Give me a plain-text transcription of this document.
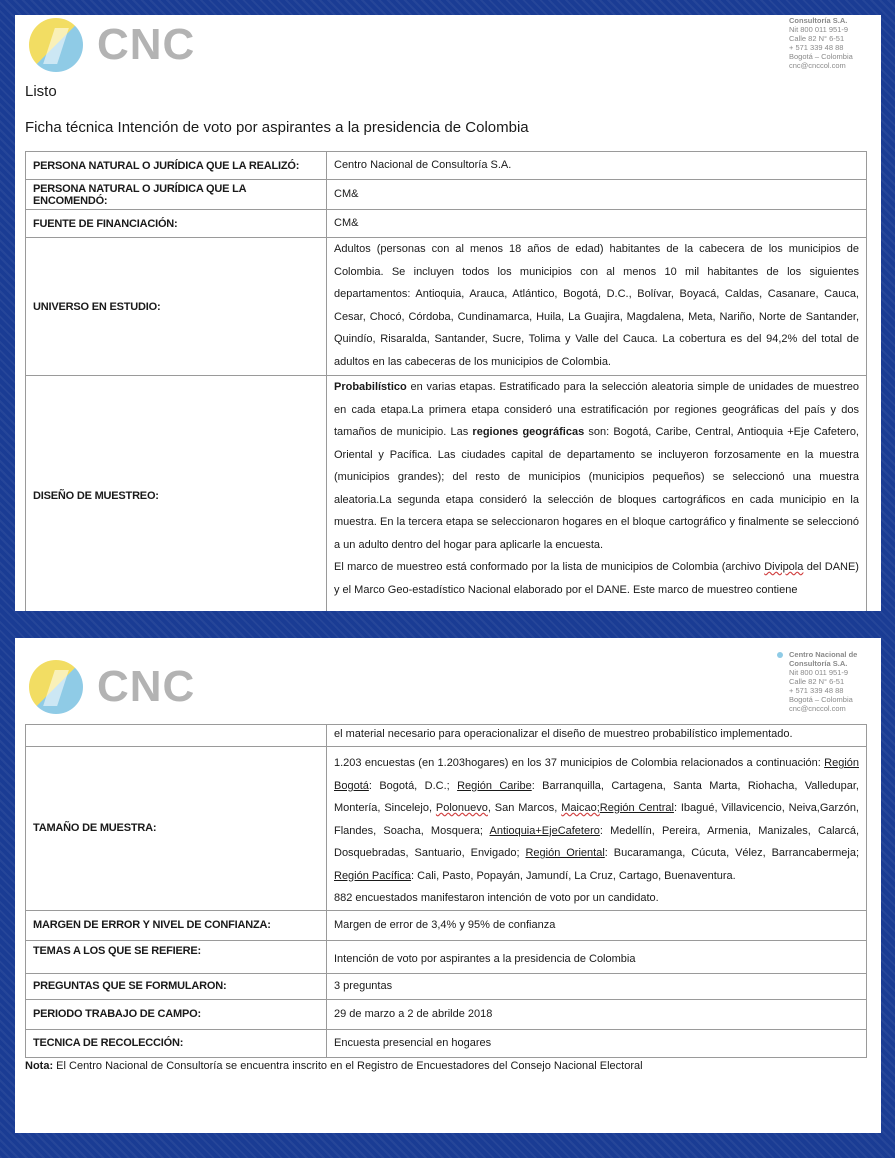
CNC	Consultoría S.A.
Nit 800 011 951-9
Calle 82 N° 6-51
+ 571 339 48 88
Bogotá – Colombia
cnc@cnccol.com
Listo
Ficha técnica Intención de voto por aspirantes a la presidencia de Colombia
PERSONA NATURAL O JURÍDICA QUE LA REALIZÓ:	Centro Nacional de Consultoría S.A.
PERSONA NATURAL O JURÍDICA QUE LA ENCOMENDÓ:	CM&
FUENTE DE FINANCIACIÓN:	CM&
UNIVERSO EN ESTUDIO:	Adultos (personas con al menos 18 años de edad) habitantes de la cabecera de los municipios de Colombia. Se incluyen todos los municipios con al menos 10 mil habitantes de los siguientes departamentos: Antioquia, Arauca, Atlántico, Bogotá, D.C., Bolívar, Boyacá, Caldas, Casanare, Cauca, Cesar, Chocó, Córdoba, Cundinamarca, Huila, La Guajira, Magdalena, Meta, Nariño, Norte de Santander, Quindío, Risaralda, Santander, Sucre, Tolima y Valle del Cauca. La cobertura es del 94,2% del total de adultos en las cabeceras de los municipios de Colombia.
DISEÑO DE MUESTREO:	Probabilístico en varias etapas. Estratificado para la selección aleatoria simple de unidades de muestreo en cada etapa.La primera etapa consideró una estratificación por regiones geográficas del país y dos tamaños de municipio. Las regiones geográficas son: Bogotá, Caribe, Central, Antioquia +Eje Cafetero, Oriental y Pacífica. Las ciudades capital de departamento se incluyeron forzosamente en la muestra (municipios grandes); del resto de municipios (municipios pequeños) se seleccionó una muestra aleatoria.La segunda etapa consideró la selección de bloques cartográficos en cada municipio en la muestra. En la tercera etapa se seleccionaron hogares en el bloque cartográfico y finalmente se seleccionó a un adulto dentro del hogar para aplicarle la encuesta.
El marco de muestreo está conformado por la lista de municipios de Colombia (archivo Divipola del DANE) y el Marco Geo-estadístico Nacional elaborado por el DANE. Este marco de muestreo contiene
CNC
Centro Nacional de
Consultoría S.A.
Nit 800 011 951-9
Calle 82 N° 6-51
+ 571 339 48 88
Bogotá – Colombia
cnc@cnccol.com
	el material necesario para operacionalizar el diseño de muestreo probabilístico implementado.
TAMAÑO DE MUESTRA:	1.203 encuestas (en 1.203hogares) en los 37 municipios de Colombia relacionados a continuación: Región Bogotá: Bogotá, D.C.; Región Caribe: Barranquilla, Cartagena, Santa Marta, Riohacha, Valledupar, Montería, Sincelejo, Polonuevo, San Marcos, Maicao;Región Central: Ibagué, Villavicencio, Neiva,Garzón, Flandes, Soacha, Mosquera; Antioquia+EjeCafetero: Medellín, Pereira, Armenia, Manizales, Calarcá, Dosquebradas, Santuario, Envigado; Región Oriental: Bucaramanga, Cúcuta, Vélez, Barrancabermeja; Región Pacífica: Cali, Pasto, Popayán, Jamundí, La Cruz, Cartago, Buenaventura.
882 encuestados manifestaron intención de voto por un candidato.
MARGEN DE ERROR Y NIVEL DE CONFIANZA:	Margen de error de 3,4% y 95% de confianza
TEMAS A LOS QUE SE REFIERE:	Intención de voto por aspirantes a la presidencia de Colombia
PREGUNTAS QUE SE FORMULARON:	3 preguntas
PERIODO TRABAJO DE CAMPO:	29 de marzo a 2 de abrilde 2018
TECNICA DE RECOLECCIÓN:	Encuesta presencial en hogares
Nota: El Centro Nacional de Consultoría se encuentra inscrito en el Registro de Encuestadores del Consejo Nacional Electoral
